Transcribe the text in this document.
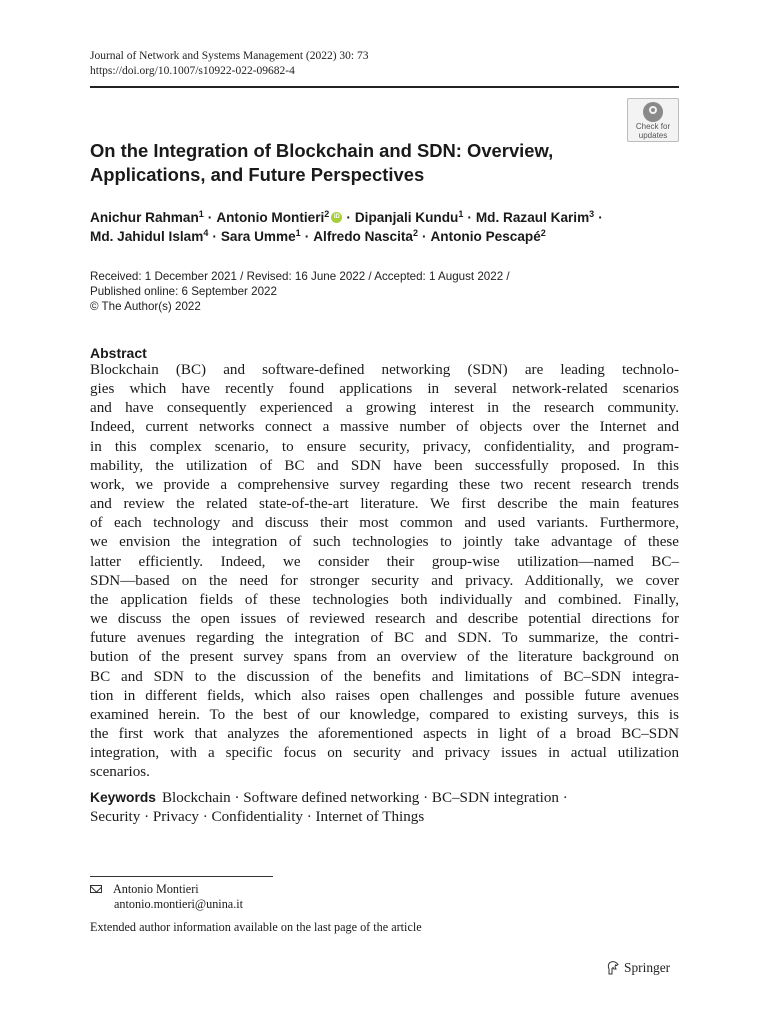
Journal of Network and Systems Management (2022) 30: 73
https://doi.org/10.1007/s10922-022-09682-4
Check for
updates
On the Integration of Blockchain and SDN: Overview,
Applications, and Future Perspectives
Anichur Rahman$^1$ · Antonio Montieri$^2$iD · Dipanjali Kundu$^1$ · Md. Razaul Karim$^3$ ·
Md. Jahidul Islam$^4$ · Sara Umme$^1$ · Alfredo Nascita$^2$ · Antonio Pescapé$^2$
Received: 1 December 2021 / Revised: 16 June 2022 / Accepted: 1 August 2022 /
Published online: 6 September 2022
© The Author(s) 2022
Abstract
Blockchain (BC) and software-defined networking (SDN) are leading technolo-
gies which have recently found applications in several network-related scenarios
and have consequently experienced a growing interest in the research community.
Indeed, current networks connect a massive number of objects over the Internet and
in this complex scenario, to ensure security, privacy, confidentiality, and program-
mability, the utilization of BC and SDN have been successfully proposed. In this
work, we provide a comprehensive survey regarding these two recent research trends
and review the related state-of-the-art literature. We first describe the main features
of each technology and discuss their most common and used variants. Furthermore,
we envision the integration of such technologies to jointly take advantage of these
latter efficiently. Indeed, we consider their group-wise utilization—named BC–
SDN—based on the need for stronger security and privacy. Additionally, we cover
the application fields of these technologies both individually and combined. Finally,
we discuss the open issues of reviewed research and describe potential directions for
future avenues regarding the integration of BC and SDN. To summarize, the contri-
bution of the present survey spans from an overview of the literature background on
BC and SDN to the discussion of the benefits and limitations of BC–SDN integra-
tion in different fields, which also raises open challenges and possible future avenues
examined herein. To the best of our knowledge, compared to existing surveys, this is
the first work that analyzes the aforementioned aspects in light of a broad BC–SDN
integration, with a specific focus on security and privacy issues in actual utilization
scenarios.
Keywords Blockchain · Software defined networking · BC–SDN integration ·
Security · Privacy · Confidentiality · Internet of Things
Antonio Montieri
antonio.montieri@unina.it
Extended author information available on the last page of the article
Springer
